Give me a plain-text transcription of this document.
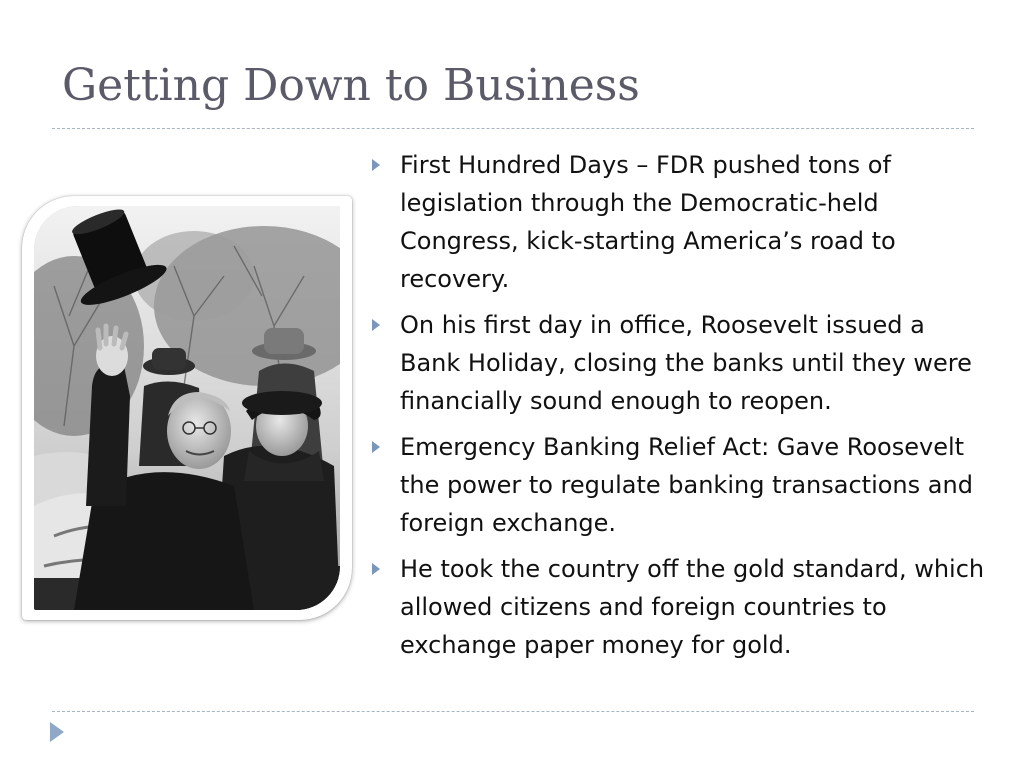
Getting Down to Business
First Hundred Days – FDR pushed tons of legislation through the Democratic-held Congress, kick-starting America’s road to recovery.
On his first day in office, Roosevelt issued a Bank Holiday, closing the banks until they were financially sound enough to reopen.
Emergency Banking Relief Act: Gave Roosevelt the power to regulate banking transactions and foreign exchange.
He took the country off the gold standard, which allowed citizens and foreign countries to exchange paper money for gold.
